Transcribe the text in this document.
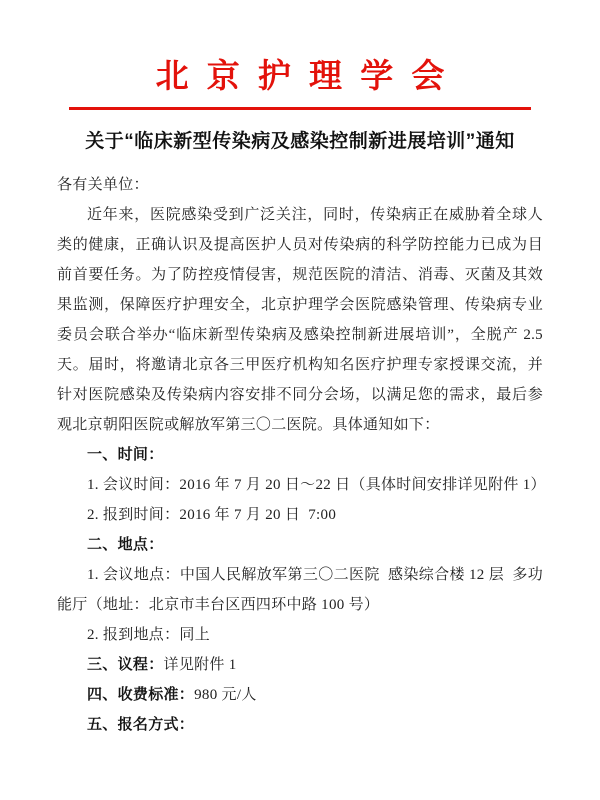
北京护理学会
关于“临床新型传染病及感染控制新进展培训”通知

各有关单位：

近年来，医院感染受到广泛关注，同时，传染病正在威胁着全球人类的健康，正确认识及提高医护人员对传染病的科学防控能力已成为目前首要任务。为了防控疫情侵害，规范医院的清洁、消毒、灭菌及其效果监测，保障医疗护理安全，北京护理学会医院感染管理、传染病专业委员会联合举办“临床新型传染病及感染控制新进展培训”，全脱产 2.5 天。届时，将邀请北京各三甲医疗机构知名医疗护理专家授课交流，并针对医院感染及传染病内容安排不同分会场，以满足您的需求，最后参观北京朝阳医院或解放军第三〇二医院。具体通知如下：

一、时间：

1. 会议时间：2016 年 7 月 20 日～22 日（具体时间安排详见附件 1）

2. 报到时间：2016 年 7 月 20 日  7:00

二、地点：

1. 会议地点：中国人民解放军第三〇二医院  感染综合楼 12 层  多功能厅（地址：北京市丰台区西四环中路 100 号）

2. 报到地点：同上

三、议程：详见附件 1

四、收费标准：980 元/人

五、报名方式：
